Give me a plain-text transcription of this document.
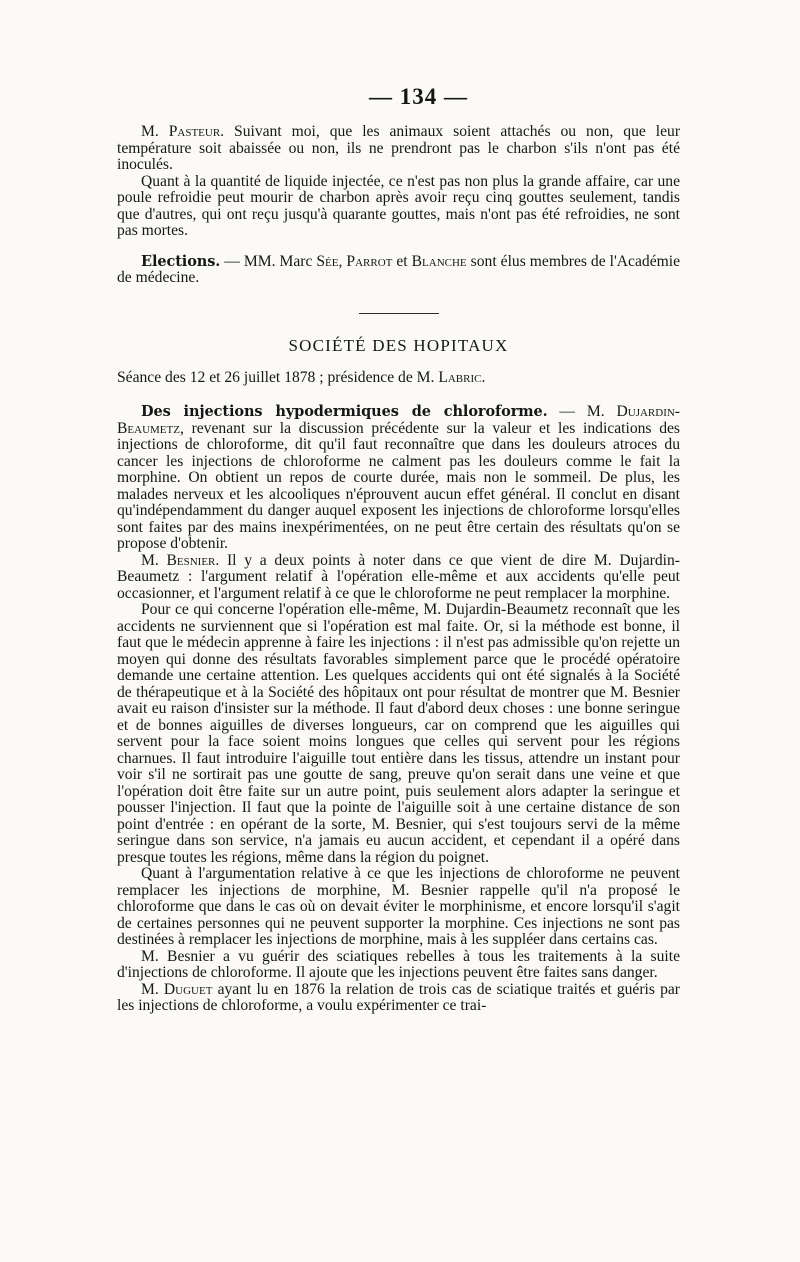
— 134 —

M. Pasteur. Suivant moi, que les animaux soient attachés ou non, que leur température soit abaissée ou non, ils ne prendront pas le charbon s'ils n'ont pas été inoculés.

Quant à la quantité de liquide injectée, ce n'est pas non plus la grande affaire, car une poule refroidie peut mourir de charbon après avoir reçu cinq gouttes seulement, tandis que d'autres, qui ont reçu jusqu'à quarante gouttes, mais n'ont pas été refroidies, ne sont pas mortes.

Elections. — MM. Marc Sée, Parrot et Blanche sont élus membres de l'Académie de médecine.

SOCIÉTÉ DES HOPITAUX

Séance des 12 et 26 juillet 1878 ; présidence de M. Labric.

Des injections hypodermiques de chloroforme. — M. Dujardin-Beaumetz, revenant sur la discussion précédente sur la valeur et les indications des injections de chloroforme, dit qu'il faut reconnaître que dans les douleurs atroces du cancer les injections de chloroforme ne calment pas les douleurs comme le fait la morphine. On obtient un repos de courte durée, mais non le sommeil. De plus, les malades nerveux et les alcooliques n'éprouvent aucun effet général. Il conclut en disant qu'indépendamment du danger auquel exposent les injections de chloroforme lorsqu'elles sont faites par des mains inexpérimentées, on ne peut être certain des résultats qu'on se propose d'obtenir.

M. Besnier. Il y a deux points à noter dans ce que vient de dire M. Dujardin-Beaumetz : l'argument relatif à l'opération elle-même et aux accidents qu'elle peut occasionner, et l'argument relatif à ce que le chloroforme ne peut remplacer la morphine.

Pour ce qui concerne l'opération elle-même, M. Dujardin-Beaumetz reconnaît que les accidents ne surviennent que si l'opération est mal faite. Or, si la méthode est bonne, il faut que le médecin apprenne à faire les injections : il n'est pas admissible qu'on rejette un moyen qui donne des résultats favorables simplement parce que le procédé opératoire demande une certaine attention. Les quelques accidents qui ont été signalés à la Société de thérapeutique et à la Société des hôpitaux ont pour résultat de montrer que M. Besnier avait eu raison d'insister sur la méthode. Il faut d'abord deux choses : une bonne seringue et de bonnes aiguilles de diverses longueurs, car on comprend que les aiguilles qui servent pour la face soient moins longues que celles qui servent pour les régions charnues. Il faut introduire l'aiguille tout entière dans les tissus, attendre un instant pour voir s'il ne sortirait pas une goutte de sang, preuve qu'on serait dans une veine et que l'opération doit être faite sur un autre point, puis seulement alors adapter la seringue et pousser l'injection. Il faut que la pointe de l'aiguille soit à une certaine distance de son point d'entrée : en opérant de la sorte, M. Besnier, qui s'est toujours servi de la même seringue dans son service, n'a jamais eu aucun accident, et cependant il a opéré dans presque toutes les régions, même dans la région du poignet.

Quant à l'argumentation relative à ce que les injections de chloroforme ne peuvent remplacer les injections de morphine, M. Besnier rappelle qu'il n'a proposé le chloroforme que dans le cas où on devait éviter le morphinisme, et encore lorsqu'il s'agit de certaines personnes qui ne peuvent supporter la morphine. Ces injections ne sont pas destinées à remplacer les injections de morphine, mais à les suppléer dans certains cas.

M. Besnier a vu guérir des sciatiques rebelles à tous les traitements à la suite d'injections de chloroforme. Il ajoute que les injections peuvent être faites sans danger.

M. Duguet ayant lu en 1876 la relation de trois cas de sciatique traités et guéris par les injections de chloroforme, a voulu expérimenter ce trai-
